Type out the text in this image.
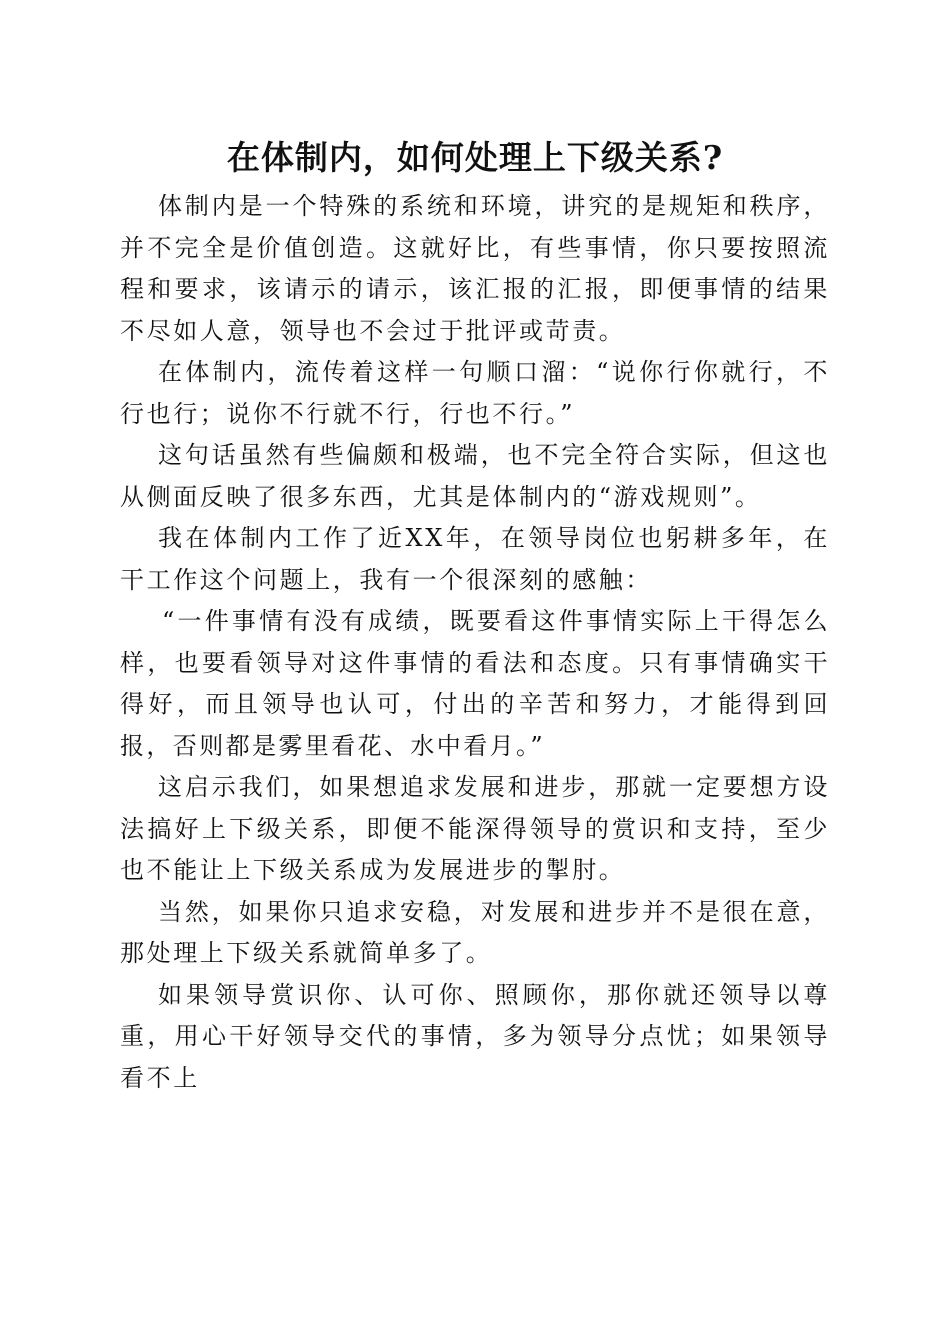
在体制内，如何处理上下级关系?

体制内是一个特殊的系统和环境，讲究的是规矩和秩序，并不完全是价值创造。这就好比，有些事情，你只要按照流程和要求，该请示的请示，该汇报的汇报，即便事情的结果不尽如人意，领导也不会过于批评或苛责。

在体制内，流传着这样一句顺口溜：“说你行你就行，不行也行；说你不行就不行，行也不行。”

这句话虽然有些偏颇和极端，也不完全符合实际，但这也从侧面反映了很多东西，尤其是体制内的“游戏规则”。

我在体制内工作了近XX年，在领导岗位也躬耕多年，在干工作这个问题上，我有一个很深刻的感触：

“一件事情有没有成绩，既要看这件事情实际上干得怎么样，也要看领导对这件事情的看法和态度。只有事情确实干得好，而且领导也认可，付出的辛苦和努力，才能得到回报，否则都是雾里看花、水中看月。”

这启示我们，如果想追求发展和进步，那就一定要想方设法搞好上下级关系，即便不能深得领导的赏识和支持，至少也不能让上下级关系成为发展进步的掣肘。

当然，如果你只追求安稳，对发展和进步并不是很在意，那处理上下级关系就简单多了。

如果领导赏识你、认可你、照顾你，那你就还领导以尊重，用心干好领导交代的事情，多为领导分点忧；如果领导看不上
